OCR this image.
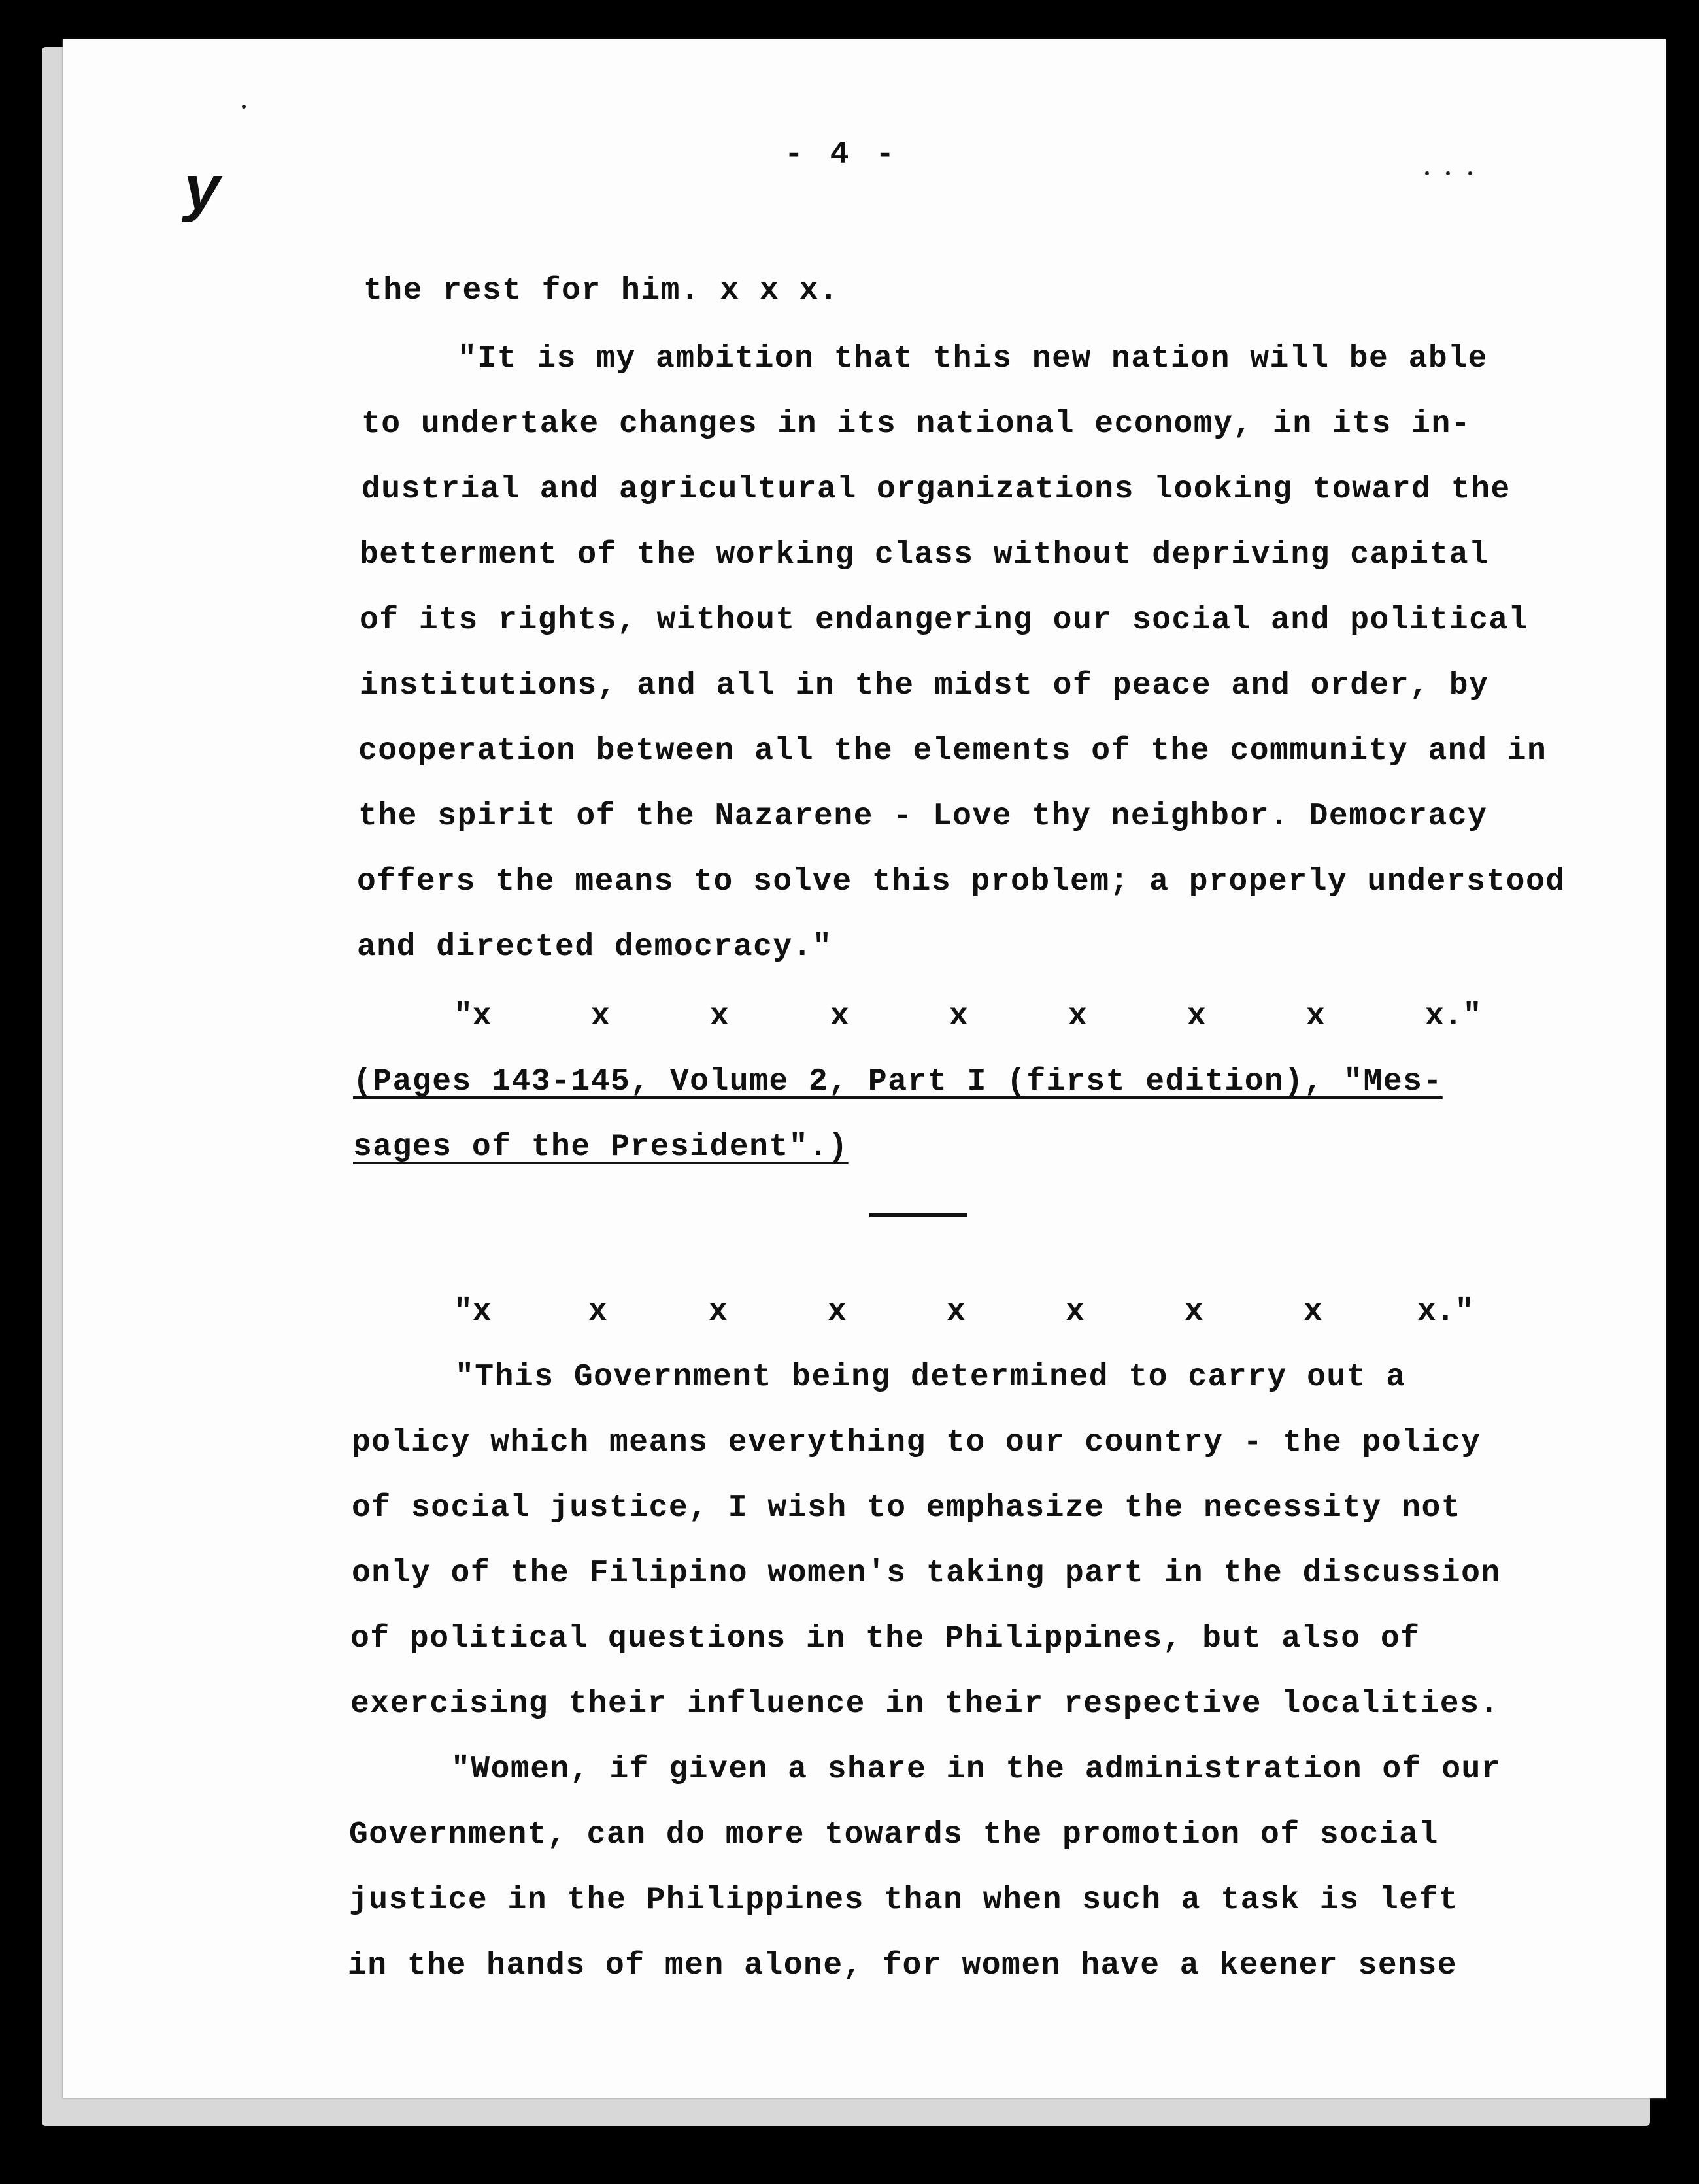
y
- 4 -
the rest for him. x x x.
"It is my ambition that this new nation will be able
to undertake changes in its national economy, in its in-
dustrial and agricultural organizations looking toward the
betterment of the working class without depriving capital
of its rights, without endangering our social and political
institutions, and all in the midst of peace and order, by
cooperation between all the elements of the community and in
the spirit of the Nazarene - Love thy neighbor. Democracy
offers the means to solve this problem; a properly understood
and directed democracy."
"x	x	x	x	x	x	x	x	x."
(Pages 143-145, Volume 2, Part I (first edition), "Mes-
sages of the President".)
"x	x	x	x	x	x	x	x	x."
"This Government being determined to carry out a
policy which means everything to our country - the policy
of social justice, I wish to emphasize the necessity not
only of the Filipino women's taking part in the discussion
of political questions in the Philippines, but also of
exercising their influence in their respective localities.
"Women, if given a share in the administration of our
Government, can do more towards the promotion of social
justice in the Philippines than when such a task is left
in the hands of men alone, for women have a keener sense
